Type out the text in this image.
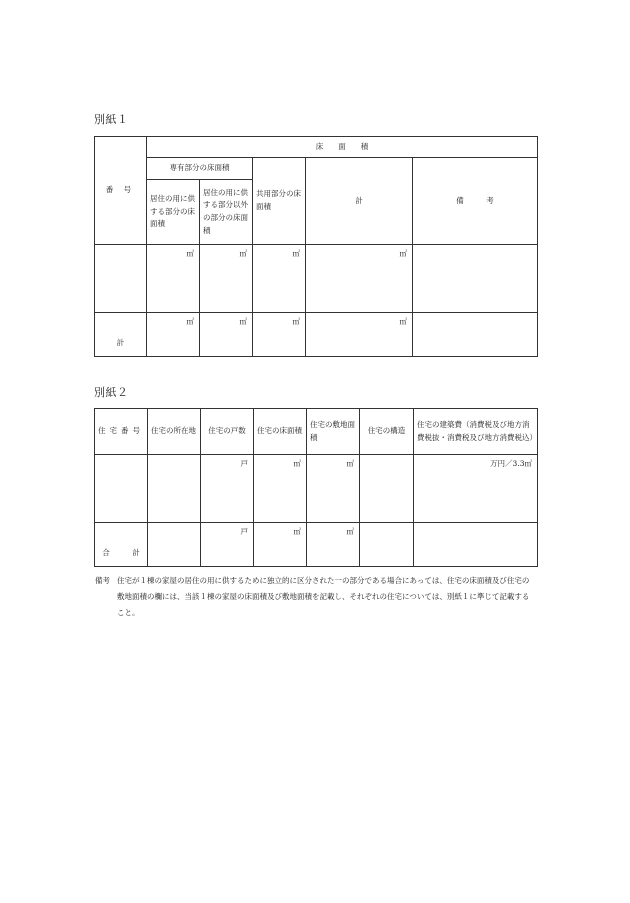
別紙１
番 号	床　　面　　積				
	専有部分の床面積		共用部分の床面積	計	備　　　考
	居住の用に供する部分の床面積	居住の用に供する部分以外の部分の床面積			
	㎡	㎡	㎡	㎡	
計	㎡	㎡	㎡	㎡	
別紙２
住宅番号	住宅の所在地	住宅の戸数	住宅の床面積	住宅の敷地面積	住宅の構造	住宅の建築費（消費税及び地方消費税抜・消費税及び地方消費税込）
		戸	㎡	㎡		万円／3.3㎡
合　　　計		戸	㎡	㎡		
備考 住宅が１棟の家屋の居住の用に供するために独立的に区分された一の部分である場合にあっては、住宅の床面積及び住宅の敷地面積の欄には、当該１棟の家屋の床面積及び敷地面積を記載し、それぞれの住宅については、別紙１に準じて記載すること。
